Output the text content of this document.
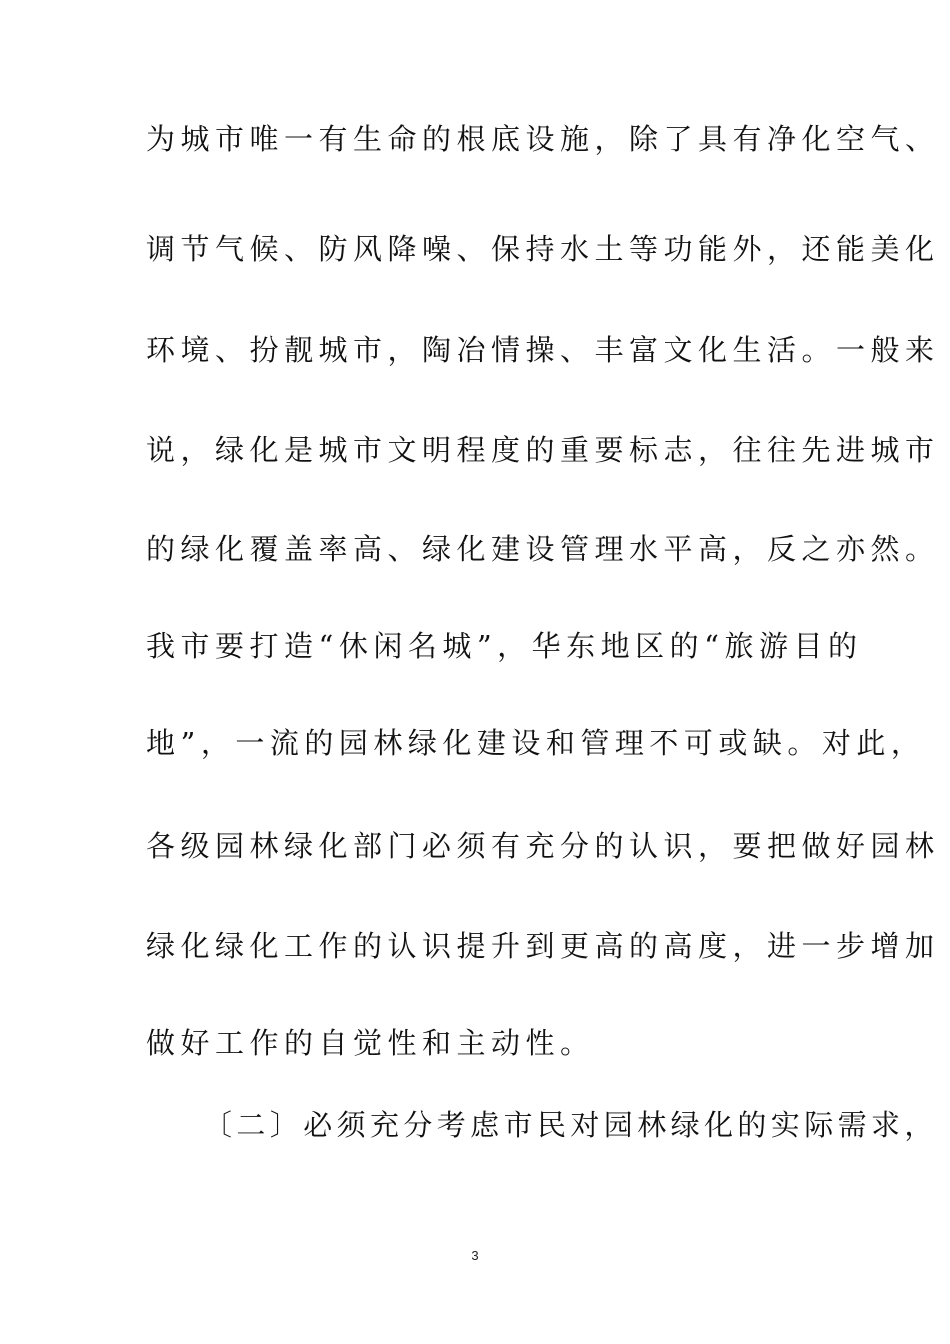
为城市唯一有生命的根底设施，除了具有净化空气、
调节气候、防风降噪、保持水土等功能外，还能美化
环境、扮靓城市，陶冶情操、丰富文化生活。一般来
说，绿化是城市文明程度的重要标志，往往先进城市
的绿化覆盖率高、绿化建设管理水平高，反之亦然。
我市要打造“休闲名城”，华东地区的“旅游目的
地”，一流的园林绿化建设和管理不可或缺。对此，
各级园林绿化部门必须有充分的认识，要把做好园林
绿化绿化工作的认识提升到更高的高度，进一步增加
做好工作的自觉性和主动性。
〔二〕必须充分考虑市民对园林绿化的实际需求，
3
